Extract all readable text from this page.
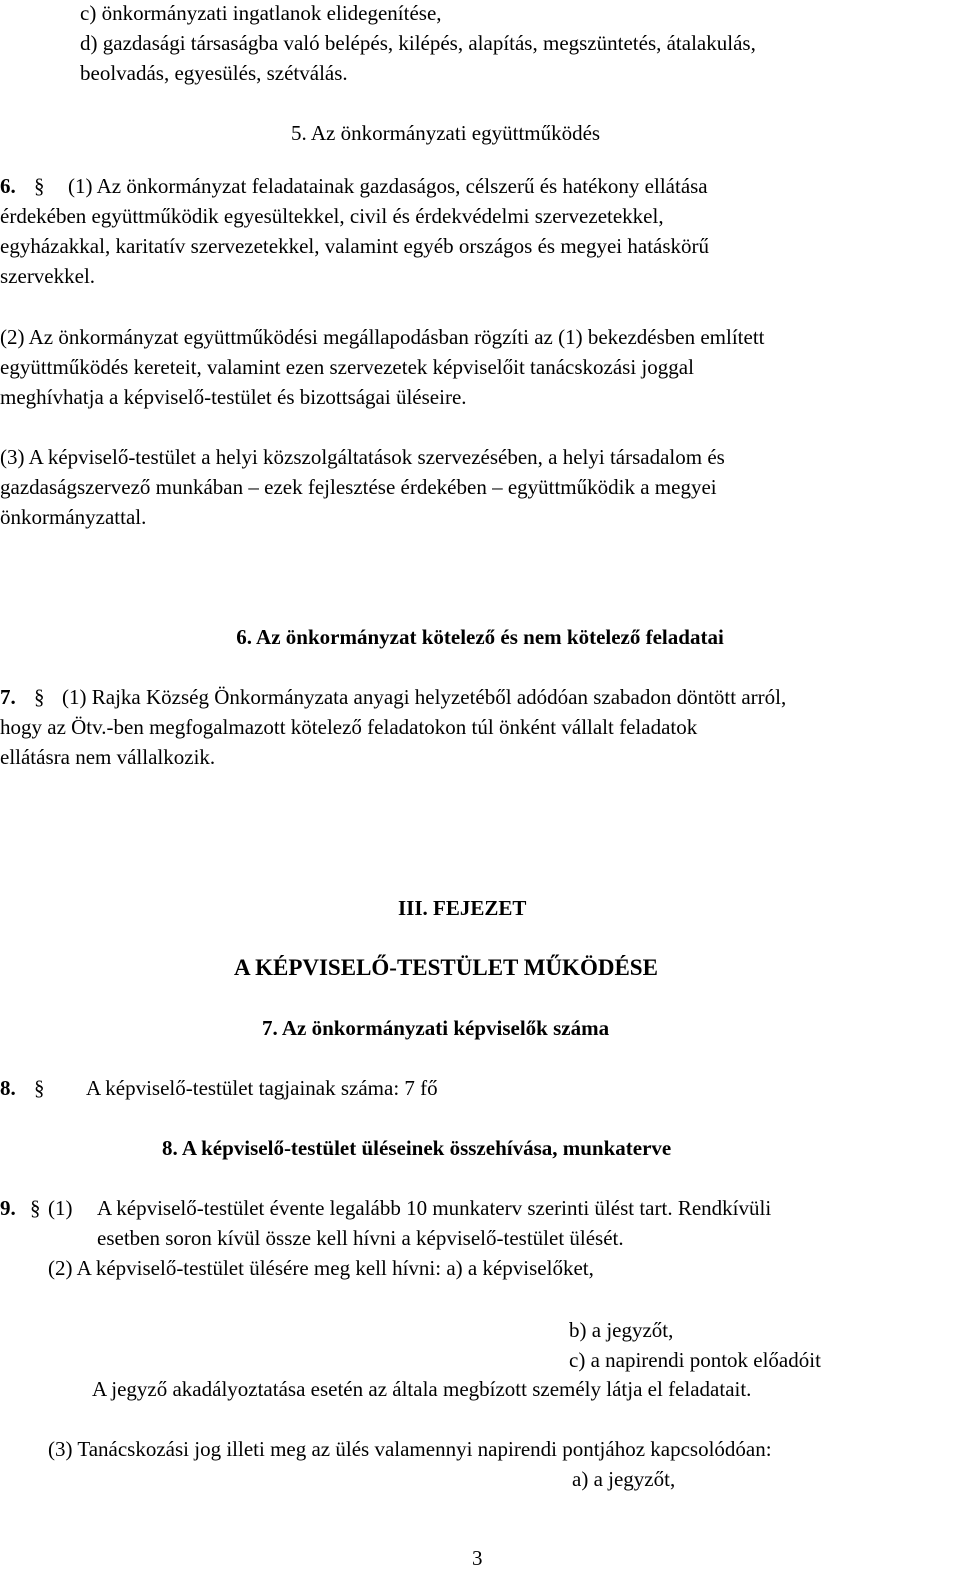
c) önkormányzati ingatlanok elidegenítése,
d) gazdasági társaságba való belépés, kilépés, alapítás, megszüntetés, átalakulás,
beolvadás, egyesülés, szétválás.
5. Az önkormányzati együttműködés
6. § (1) Az önkormányzat feladatainak gazdaságos, célszerű és hatékony ellátása
érdekében együttműködik egyesültekkel, civil és érdekvédelmi szervezetekkel,
egyházakkal, karitatív szervezetekkel, valamint egyéb országos és megyei hatáskörű
szervekkel.
(2) Az önkormányzat együttműködési megállapodásban rögzíti az (1) bekezdésben említett
együttműködés kereteit, valamint ezen szervezetek képviselőit tanácskozási joggal
meghívhatja a képviselő-testület és bizottságai üléseire.
(3) A képviselő-testület a helyi közszolgáltatások szervezésében, a helyi társadalom és
gazdaságszervező munkában – ezek fejlesztése érdekében – együttműködik a megyei
önkormányzattal.
6. Az önkormányzat kötelező és nem kötelező feladatai
7. § (1) Rajka Község Önkormányzata anyagi helyzetéből adódóan szabadon döntött arról,
hogy az Ötv.-ben megfogalmazott kötelező feladatokon túl önként vállalt feladatok
ellátásra nem vállalkozik.
III. FEJEZET
A KÉPVISELŐ-TESTÜLET MŰKÖDÉSE
7. Az önkormányzati képviselők száma
8. § A képviselő-testület tagjainak száma: 7 fő
8. A képviselő-testület üléseinek összehívása, munkaterve
9. § (1) A képviselő-testület évente legalább 10 munkaterv szerinti ülést tart. Rendkívüli
esetben soron kívül össze kell hívni a képviselő-testület ülését.
(2) A képviselő-testület ülésére meg kell hívni: a) a képviselőket,
b) a jegyzőt,
c) a napirendi pontok előadóit
A jegyző akadályoztatása esetén az általa megbízott személy látja el feladatait.
(3) Tanácskozási jog illeti meg az ülés valamennyi napirendi pontjához kapcsolódóan:
a) a jegyzőt,
3
